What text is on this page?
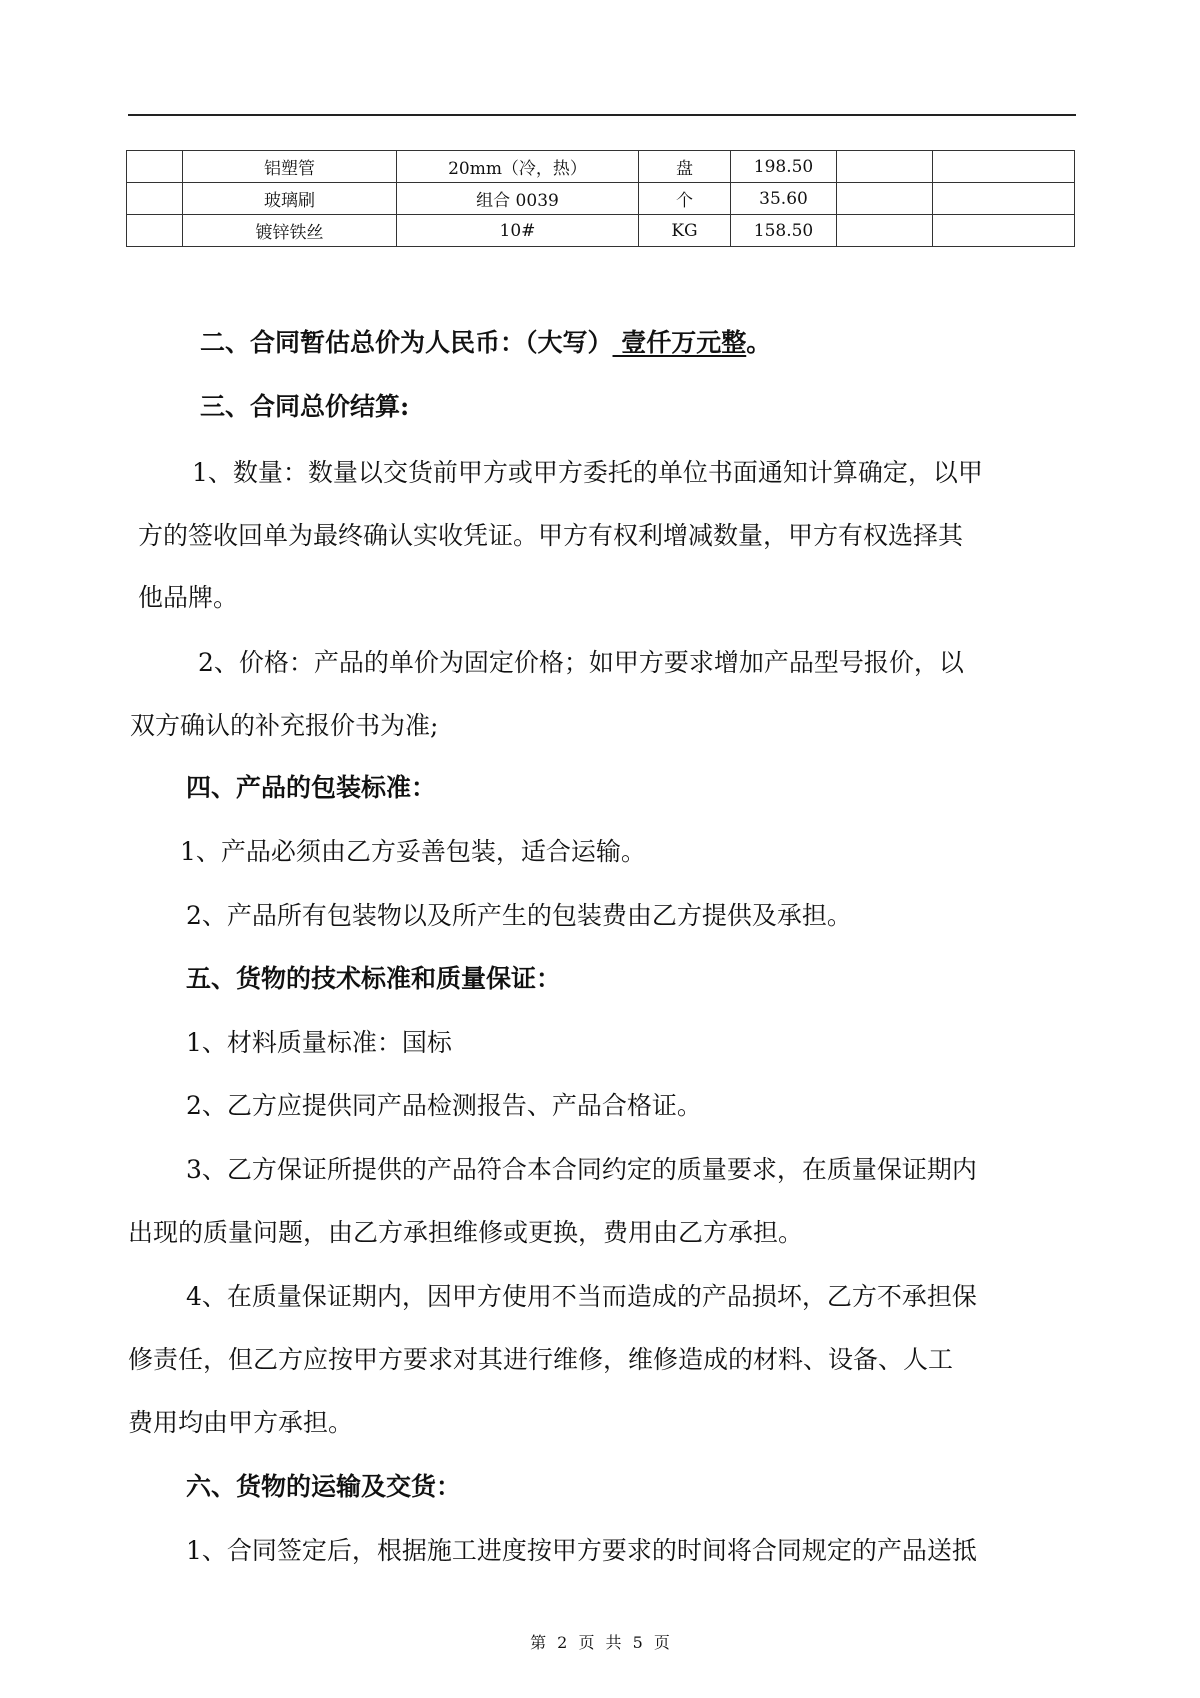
	铝塑管	20mm（冷，热）	盘	198.50		
	玻璃刷	组合 0039	个	35.60		
	镀锌铁丝	10#	KG	158.50		

二、合同暂估总价为人民币：（大写） 壹仟万元整。

三、合同总价结算:

1、数量：数量以交货前甲方或甲方委托的单位书面通知计算确定，以甲

方的签收回单为最终确认实收凭证。甲方有权利增减数量，甲方有权选择其

他品牌。

2、价格：产品的单价为固定价格；如甲方要求增加产品型号报价，以

双方确认的补充报价书为准;

四、产品的包装标准：

1、产品必须由乙方妥善包装，适合运输。

2、产品所有包装物以及所产生的包装费由乙方提供及承担。

五、货物的技术标准和质量保证：

1、材料质量标准：国标

2、乙方应提供同产品检测报告、产品合格证。

3、乙方保证所提供的产品符合本合同约定的质量要求，在质量保证期内

出现的质量问题，由乙方承担维修或更换，费用由乙方承担。

4、在质量保证期内，因甲方使用不当而造成的产品损坏，乙方不承担保

修责任，但乙方应按甲方要求对其进行维修，维修造成的材料、设备、人工

费用均由甲方承担。

六、货物的运输及交货：

1、合同签定后，根据施工进度按甲方要求的时间将合同规定的产品送抵

第 2 页 共 5 页
